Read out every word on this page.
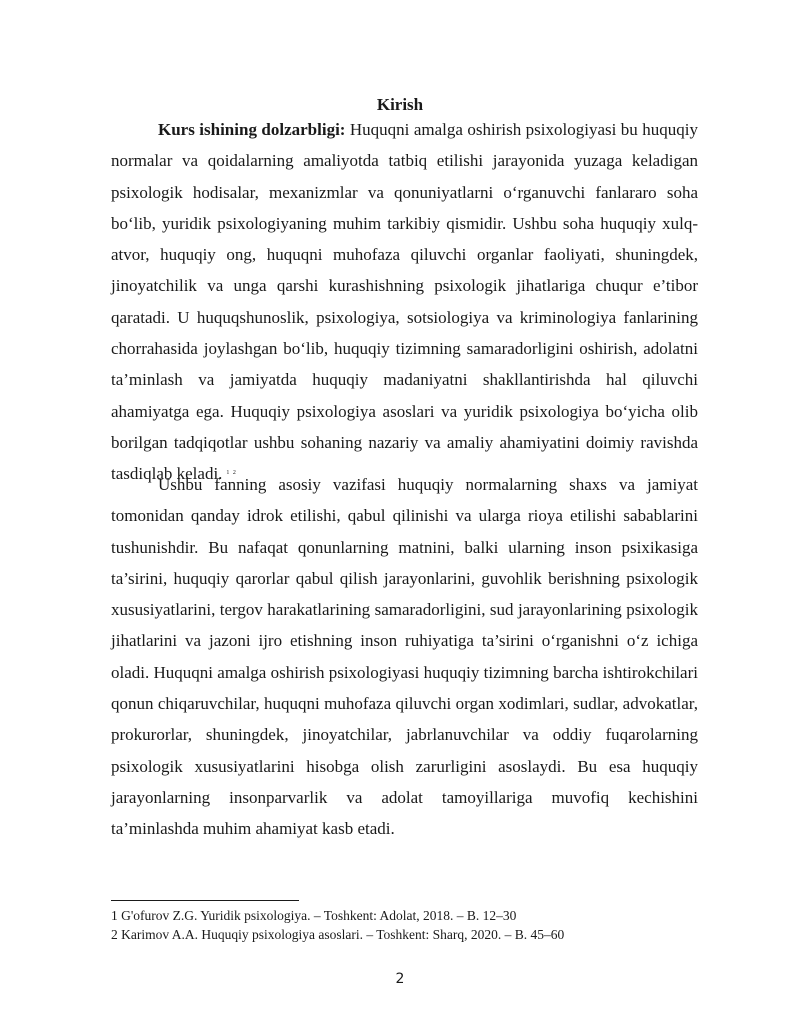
Kirish

Kurs ishining dolzarbligi: Huquqni amalga oshirish psixologiyasi bu huquqiy normalar va qoidalarning amaliyotda tatbiq etilishi jarayonida yuzaga keladigan psixologik hodisalar, mexanizmlar va qonuniyatlarni o‘rganuvchi fanlararo soha bo‘lib, yuridik psixologiyaning muhim tarkibiy qismidir. Ushbu soha huquqiy xulq-atvor, huquqiy ong, huquqni muhofaza qiluvchi organlar faoliyati, shuningdek, jinoyatchilik va unga qarshi kurashishning psixologik jihatlariga chuqur e’tibor qaratadi. U huquqshunoslik, psixologiya, sotsiologiya va kriminologiya fanlarining chorrahasida joylashgan bo‘lib, huquqiy tizimning samaradorligini oshirish, adolatni ta’minlash va jamiyatda huquqiy madaniyatni shakllantirishda hal qiluvchi ahamiyatga ega. Huquqiy psixologiya asoslari va yuridik psixologiya bo‘yicha olib borilgan tadqiqotlar ushbu sohaning nazariy va amaliy ahamiyatini doimiy ravishda tasdiqlab keladi. $^{1 2}$

Ushbu fanning asosiy vazifasi huquqiy normalarning shaxs va jamiyat tomonidan qanday idrok etilishi, qabul qilinishi va ularga rioya etilishi sabablarini tushunishdir. Bu nafaqat qonunlarning matnini, balki ularning inson psixikasiga ta’sirini, huquqiy qarorlar qabul qilish jarayonlarini, guvohlik berishning psixologik xususiyatlarini, tergov harakatlarining samaradorligini, sud jarayonlarining psixologik jihatlarini va jazoni ijro etishning inson ruhiyatiga ta’sirini o‘rganishni o‘z ichiga oladi. Huquqni amalga oshirish psixologiyasi huquqiy tizimning barcha ishtirokchilari qonun chiqaruvchilar, huquqni muhofaza qiluvchi organ xodimlari, sudlar, advokatlar, prokurorlar, shuningdek, jinoyatchilar, jabrlanuvchilar va oddiy fuqarolarning psixologik xususiyatlarini hisobga olish zarurligini asoslaydi. Bu esa huquqiy jarayonlarning insonparvarlik va adolat tamoyillariga muvofiq kechishini ta’minlashda muhim ahamiyat kasb etadi.

1 G'ofurov Z.G. Yuridik psixologiya. – Toshkent: Adolat, 2018. – B. 12–30
2 Karimov A.A. Huquqiy psixologiya asoslari. – Toshkent: Sharq, 2020. – B. 45–60
2
